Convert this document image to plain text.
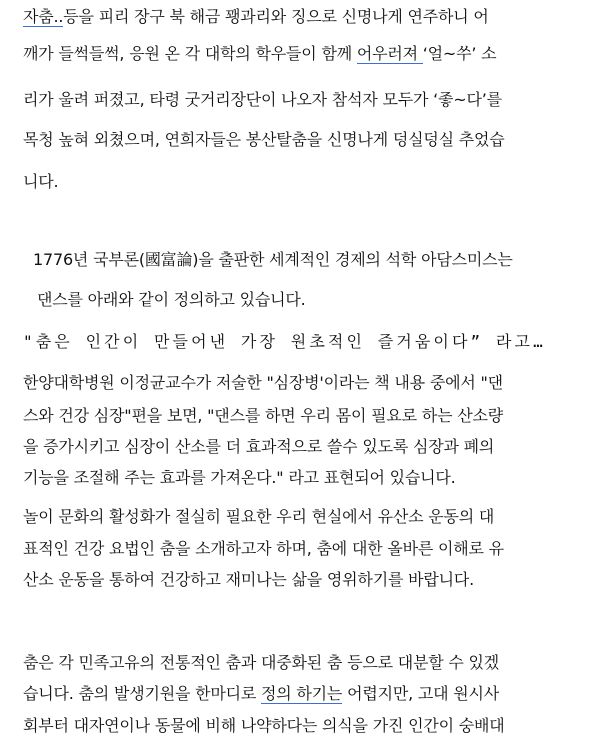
자춤..등을 피리 장구 북 해금 꽹과리와 징으로 신명나게 연주하니 어
깨가 들썩들썩, 응원 온 각 대학의 학우들이 함께 어우러져 ‘얼~쑤’ 소
리가 울려 퍼졌고, 타령 굿거리장단이 나오자 참석자 모두가 ‘좋~다’를
목청 높혀 외쳤으며, 연희자들은 봉산탈춤을 신명나게 덩실덩실 추었습
니다.
1776년 국부론(國富論)을 출판한 세계적인 경제의 석학 아담스미스는
댄스를 아래와 같이 정의하고 있습니다.
"춤은 인간이 만들어낸 가장 원초적인 즐거움이다” 라고…
한양대학병원 이정균교수가 저술한 "심장병'이라는 책 내용 중에서 "댄
스와 건강 심장"편을 보면, "댄스를 하면 우리 몸이 필요로 하는 산소량
을 증가시키고 심장이 산소를 더 효과적으로 쓸수 있도록 심장과 폐의
기능을 조절해 주는 효과를 가져온다." 라고 표현되어 있습니다.
놀이 문화의 활성화가 절실히 필요한 우리 현실에서 유산소 운동의 대
표적인 건강 요법인 춤을 소개하고자 하며, 춤에 대한 올바른 이해로 유
산소 운동을 통하여 건강하고 재미나는 삶을 영위하기를 바랍니다.
춤은 각 민족고유의 전통적인 춤과 대중화된 춤 등으로 대분할 수 있겠
습니다. 춤의 발생기원을 한마디로 정의 하기는 어렵지만, 고대 원시사
회부터 대자연이나 동물에 비해 나약하다는 의식을 가진 인간이 숭배대
